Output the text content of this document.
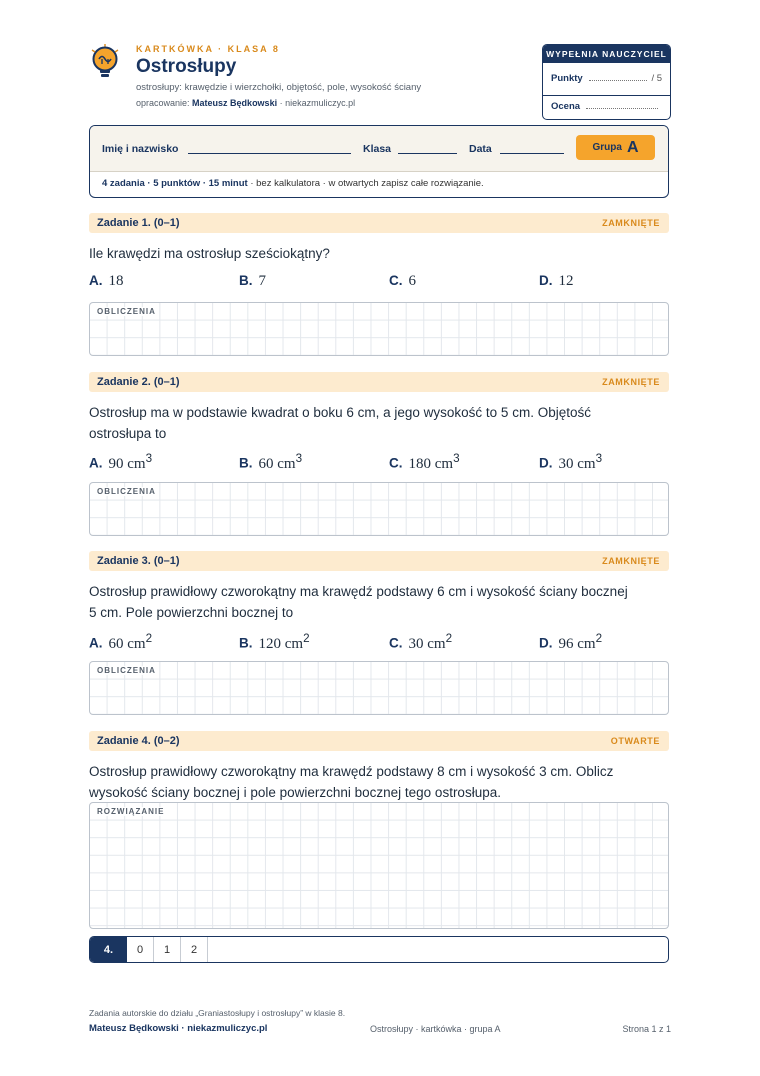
KARTKÓWKA · KLASA 8
Ostrosłupy
ostrosłupy: krawędzie i wierzchołki, objętość, pole, wysokość ściany
opracowanie: Mateusz Będkowski · niekazmuliczyc.pl
WYPEŁNIA NAUCZYCIEL
Punkty	/ 5
Ocena
Imię i nazwisko	Klasa	Data	Grupa A
4 zadania · 5 punktów · 15 minut · bez kalkulatora · w otwartych zapisz całe rozwiązanie.
Zadanie 1. (0–1)	ZAMKNIĘTE
Ile krawędzi ma ostrosłup sześciokątny?
A. 18	B. 7	C. 6	D. 12
OBLICZENIA
Zadanie 2. (0–1)	ZAMKNIĘTE
Ostrosłup ma w podstawie kwadrat o boku 6 cm, a jego wysokość to 5 cm. Objętość
ostrosłupa to
A. 90 $cm^3$	B. 60 $cm^3$	C. 180 $cm^3$	D. 30 $cm^3$
OBLICZENIA
Zadanie 3. (0–1)	ZAMKNIĘTE
Ostrosłup prawidłowy czworokątny ma krawędź podstawy 6 cm i wysokość ściany bocznej
5 cm. Pole powierzchni bocznej to
A. 60 $cm^2$	B. 120 $cm^2$	C. 30 $cm^2$	D. 96 $cm^2$
OBLICZENIA
Zadanie 4. (0–2)	OTWARTE
Ostrosłup prawidłowy czworokątny ma krawędź podstawy 8 cm i wysokość 3 cm. Oblicz
wysokość ściany bocznej i pole powierzchni bocznej tego ostrosłupa.
ROZWIĄZANIE
4.	0	1	2
Zadania autorskie do działu „Graniastosłupy i ostrosłupy” w klasie 8.
Mateusz Będkowski · niekazmuliczyc.pl	Ostrosłupy · kartkówka · grupa A	Strona 1 z 1
